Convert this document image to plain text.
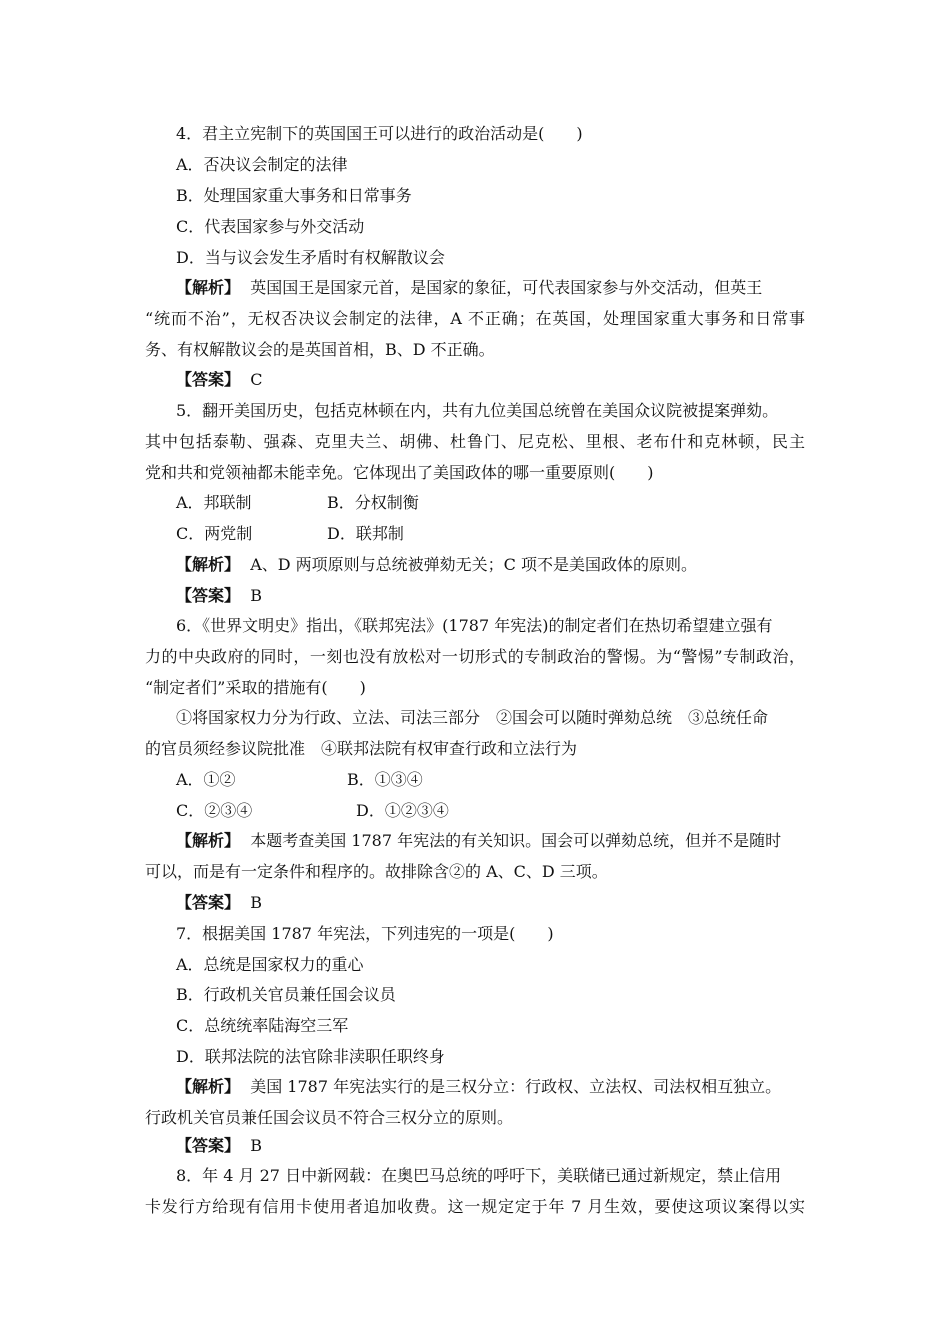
4．君主立宪制下的英国国王可以进行的政治活动是(　　)
A．否决议会制定的法律
B．处理国家重大事务和日常事务
C．代表国家参与外交活动
D．当与议会发生矛盾时有权解散议会
【解析】 英国国王是国家元首，是国家的象征，可代表国家参与外交活动，但英王
“统而不治”，无权否决议会制定的法律，A 不正确；在英国，处理国家重大事务和日常事
务、有权解散议会的是英国首相，B、D 不正确。
【答案】 C
5．翻开美国历史，包括克林顿在内，共有九位美国总统曾在美国众议院被提案弹劾。
其中包括泰勒、强森、克里夫兰、胡佛、杜鲁门、尼克松、里根、老布什和克林顿，民主
党和共和党领袖都未能幸免。它体现出了美国政体的哪一重要原则(　　)
A．邦联制	B．分权制衡
C．两党制	D．联邦制
【解析】 A、D 两项原则与总统被弹劾无关；C 项不是美国政体的原则。
【答案】 B
6．《世界文明史》指出，《联邦宪法》(1787 年宪法)的制定者们在热切希望建立强有
力的中央政府的同时，一刻也没有放松对一切形式的专制政治的警惕。为“警惕”专制政治，
“制定者们”采取的措施有(　　)
①将国家权力分为行政、立法、司法三部分　②国会可以随时弹劾总统　③总统任命
的官员须经参议院批准　④联邦法院有权审查行政和立法行为
A．①②	B．①③④
C．②③④	D．①②③④
【解析】 本题考查美国 1787 年宪法的有关知识。国会可以弹劾总统，但并不是随时
可以，而是有一定条件和程序的。故排除含②的 A、C、D 三项。
【答案】 B
7．根据美国 1787 年宪法，下列违宪的一项是(　　)
A．总统是国家权力的重心
B．行政机关官员兼任国会议员
C．总统统率陆海空三军
D．联邦法院的法官除非渎职任职终身
【解析】 美国 1787 年宪法实行的是三权分立：行政权、立法权、司法权相互独立。
行政机关官员兼任国会议员不符合三权分立的原则。
【答案】 B
8．年 4 月 27 日中新网载：在奥巴马总统的呼吁下，美联储已通过新规定，禁止信用
卡发行方给现有信用卡使用者追加收费。这一规定定于年 7 月生效，要使这项议案得以实
